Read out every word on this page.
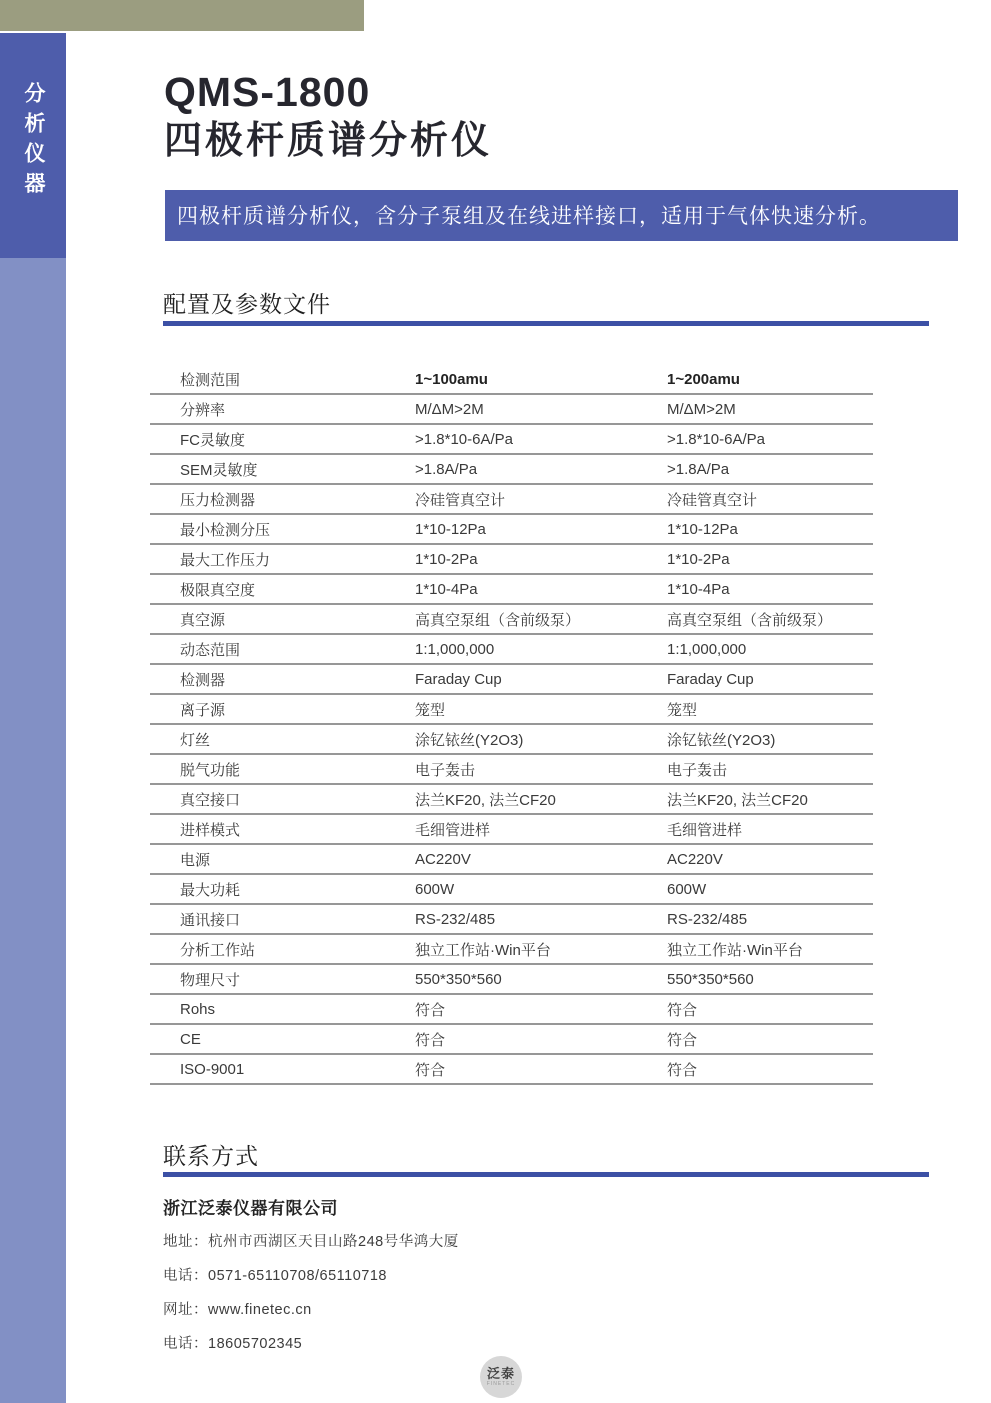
分析仪器	QMS-1800
四极杆质谱分析仪
四极杆质谱分析仪，含分子泵组及在线进样接口，适用于气体快速分析。
配置及参数文件
检测范围	1~100amu	1~200amu
分辨率	M/ΔM>2M	M/ΔM>2M
FC灵敏度	>1.8*10-6A/Pa	>1.8*10-6A/Pa
SEM灵敏度	>1.8A/Pa	>1.8A/Pa
压力检测器	冷硅管真空计	冷硅管真空计
最小检测分压	1*10-12Pa	1*10-12Pa
最大工作压力	1*10-2Pa	1*10-2Pa
极限真空度	1*10-4Pa	1*10-4Pa
真空源	高真空泵组（含前级泵）	高真空泵组（含前级泵）
动态范围	1:1,000,000	1:1,000,000
检测器	Faraday Cup	Faraday Cup
离子源	笼型	笼型
灯丝	涂钇铱丝(Y2O3)	涂钇铱丝(Y2O3)
脱气功能	电子轰击	电子轰击
真空接口	法兰KF20, 法兰CF20	法兰KF20, 法兰CF20
进样模式	毛细管进样	毛细管进样
电源	AC220V	AC220V
最大功耗	600W	600W
通讯接口	RS-232/485	RS-232/485
分析工作站	独立工作站·Win平台	独立工作站·Win平台
物理尺寸	550*350*560	550*350*560
Rohs	符合	符合
CE	符合	符合
ISO-9001	符合	符合
联系方式
浙江泛泰仪器有限公司
地址：杭州市西湖区天目山路248号华鸿大厦
电话：0571-65110708/65110718
网址：www.finetec.cn
电话：18605702345
泛泰
FINETEC
